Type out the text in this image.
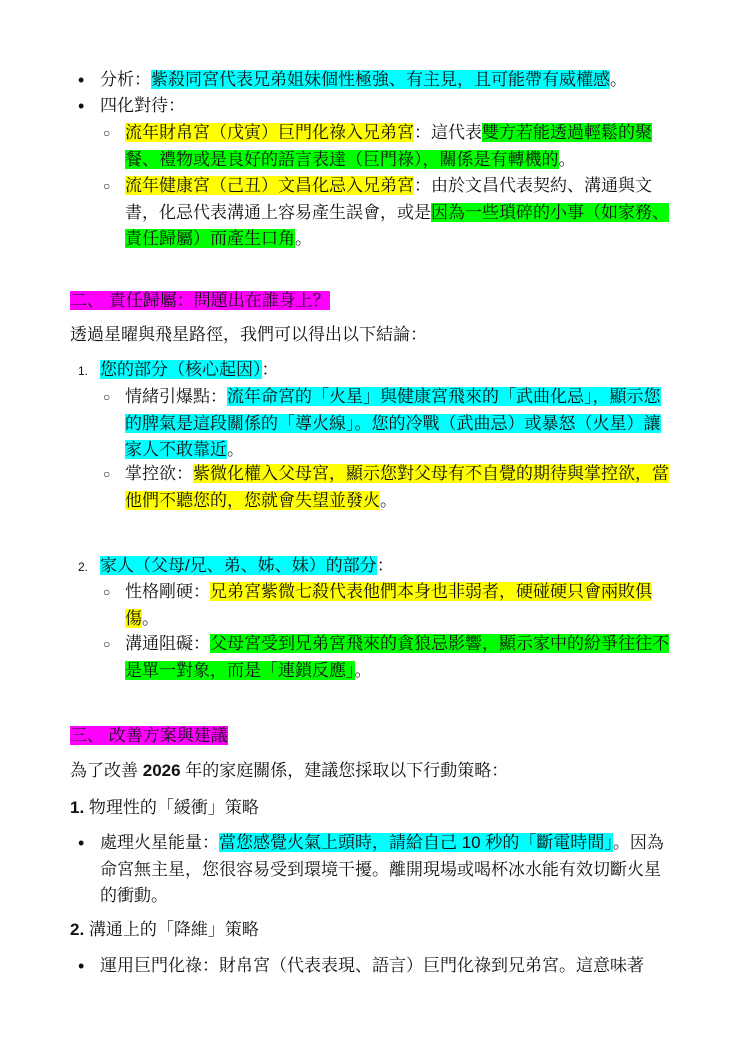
• 分析：紫殺同宮代表兄弟姐妹個性極強、有主見，且可能帶有威權感。
• 四化對待：
○ 流年財帛宮（戊寅）巨門化祿入兄弟宮：這代表雙方若能透過輕鬆的聚餐、禮物或是良好的語言表達（巨門祿），關係是有轉機的。
○ 流年健康宮（己丑）文昌化忌入兄弟宮：由於文昌代表契約、溝通與文書，化忌代表溝通上容易產生誤會，或是因為一些瑣碎的小事（如家務、責任歸屬）而產生口角。
二、 責任歸屬：問題出在誰身上？
透過星曜與飛星路徑，我們可以得出以下結論：
1. 您的部分（核心起因）：
○ 情緒引爆點：流年命宮的「火星」與健康宮飛來的「武曲化忌」，顯示您的脾氣是這段關係的「導火線」。您的冷戰（武曲忌）或暴怒（火星）讓家人不敢靠近。
○ 掌控欲：紫微化權入父母宮，顯示您對父母有不自覺的期待與掌控欲，當他們不聽您的，您就會失望並發火。
2. 家人（父母/兄、弟、姊、妹）的部分：
○ 性格剛硬：兄弟宮紫微七殺代表他們本身也非弱者，硬碰硬只會兩敗俱傷。
○ 溝通阻礙：父母宮受到兄弟宮飛來的貪狼忌影響，顯示家中的紛爭往往不是單一對象，而是「連鎖反應」。
三、 改善方案與建議
為了改善 2026 年的家庭關係，建議您採取以下行動策略：
1. 物理性的「緩衝」策略
• 處理火星能量：當您感覺火氣上頭時，請給自己 10 秒的「斷電時間」。因為命宮無主星，您很容易受到環境干擾。離開現場或喝杯冰水能有效切斷火星的衝動。
2. 溝通上的「降維」策略
• 運用巨門化祿：財帛宮（代表表現、語言）巨門化祿到兄弟宮。這意味著
